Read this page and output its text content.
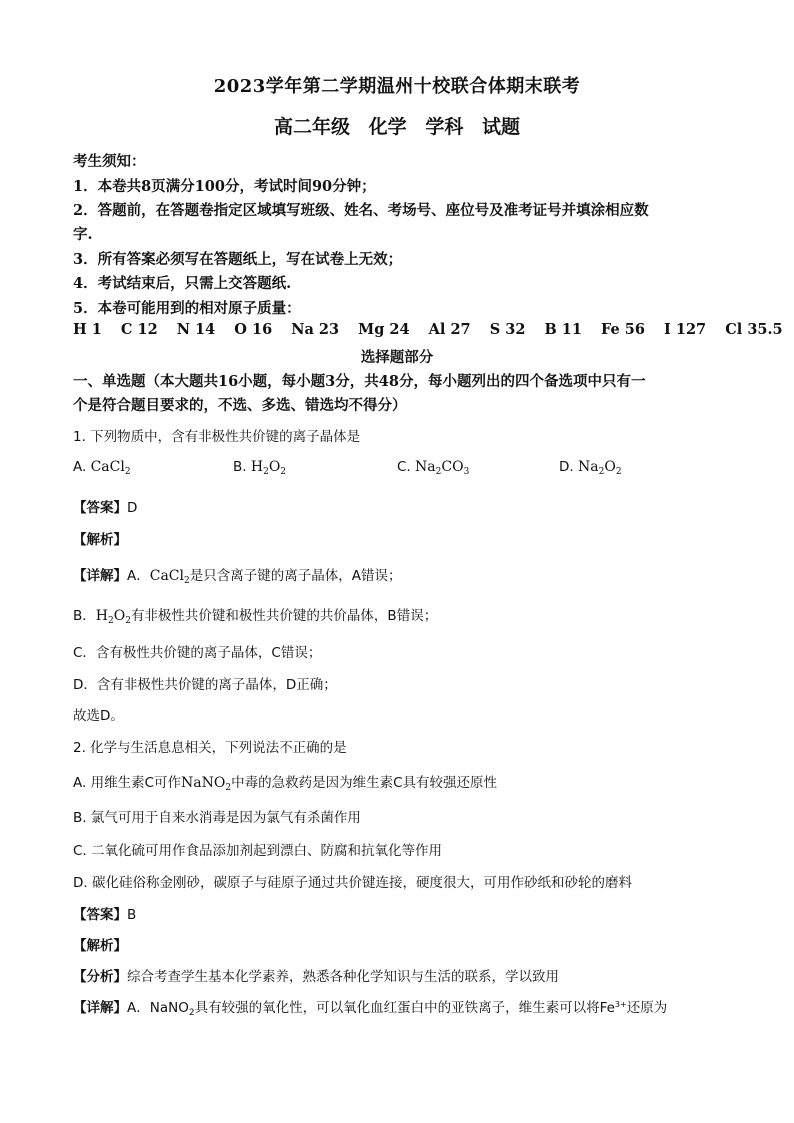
2023学年第二学期温州十校联合体期末联考
高二年级 化学 学科 试题
考生须知：
1．本卷共8页满分100分，考试时间90分钟；
2．答题前，在答题卷指定区域填写班级、姓名、考场号、座位号及准考证号并填涂相应数
字.
3．所有答案必须写在答题纸上，写在试卷上无效；
4．考试结束后，只需上交答题纸.
5．本卷可能用到的相对原子质量：
H 1 C 12 N 14 O 16 Na 23 Mg 24 Al 27 S 32 B 11 Fe 56 I 127 Cl 35.5
选择题部分
一、单选题（本大题共16小题，每小题3分，共48分，每小题列出的四个备选项中只有一
个是符合题目要求的，不选、多选、错选均不得分）
1. 下列物质中，含有非极性共价键的离子晶体是
A. CaCl$_2$	B. $H_2O_2$	C. $Na_2CO_3$	D. $Na_2O_2$
【答案】D
【解析】
【详解】A．CaCl$_2$是只含离子键的离子晶体，A错误；
B．$H_2O_2$有非极性共价键和极性共价键的共价晶体，B错误；
C．含有极性共价键的离子晶体，C错误；
D．含有非极性共价键的离子晶体，D正确；
故选D。
2. 化学与生活息息相关，下列说法不正确的是
A. 用维生素C可作NaNO$_2$中毒的急救药是因为维生素C具有较强还原性
B. 氯气可用于自来水消毒是因为氯气有杀菌作用
C. 二氧化硫可用作食品添加剂起到漂白、防腐和抗氧化等作用
D. 碳化硅俗称金刚砂，碳原子与硅原子通过共价键连接，硬度很大，可用作砂纸和砂轮的磨料
【答案】B
【解析】
【分析】综合考查学生基本化学素养，熟悉各种化学知识与生活的联系，学以致用
【详解】A．NaNO$_2$具有较强的氧化性，可以氧化血红蛋白中的亚铁离子，维生素可以将$Fe^{3+}$还原为
